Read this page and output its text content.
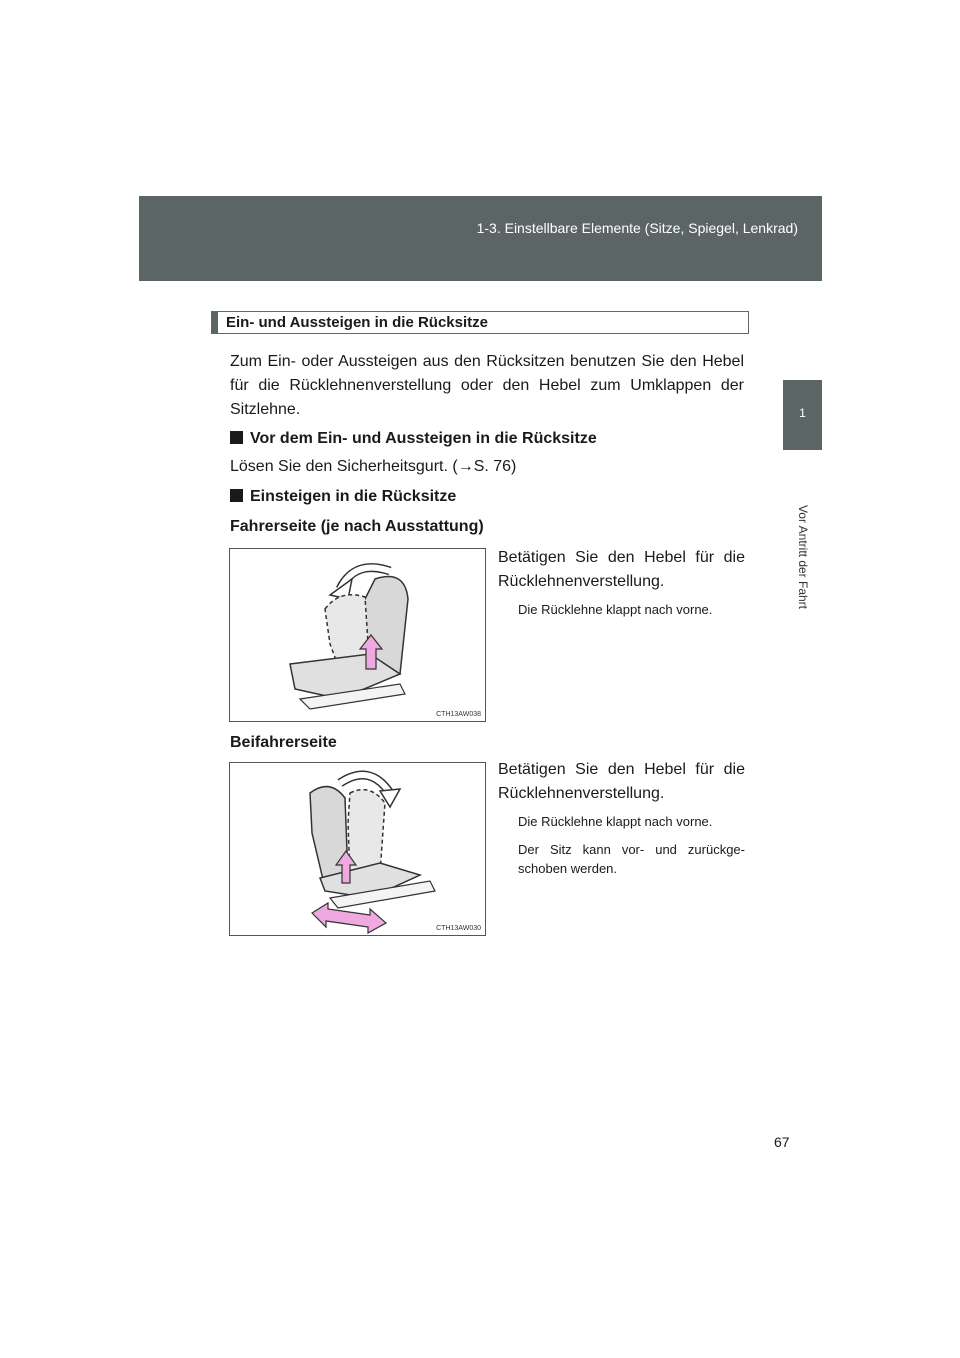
1-3. Einstellbare Elemente (Sitze, Spiegel, Lenkrad)
1
Vor Antritt der Fahrt
Ein- und Aussteigen in die Rücksitze
Zum Ein- oder Aussteigen aus den Rücksitzen benutzen Sie den Hebel für die Rücklehnenverstellung oder den Hebel zum Umklappen der Sitzlehne.
Vor dem Ein- und Aussteigen in die Rücksitze
Lösen Sie den Sicherheitsgurt. (→S. 76)
Einsteigen in die Rücksitze
Fahrerseite (je nach Ausstattung)
CTH13AW038
Betätigen Sie den Hebel für die Rücklehnenverstellung.
Die Rücklehne klappt nach vorne.
Beifahrerseite
CTH13AW030
Betätigen Sie den Hebel für die Rücklehnenverstellung.
Die Rücklehne klappt nach vorne.
Der Sitz kann vor- und zurückge-schoben werden.
67
